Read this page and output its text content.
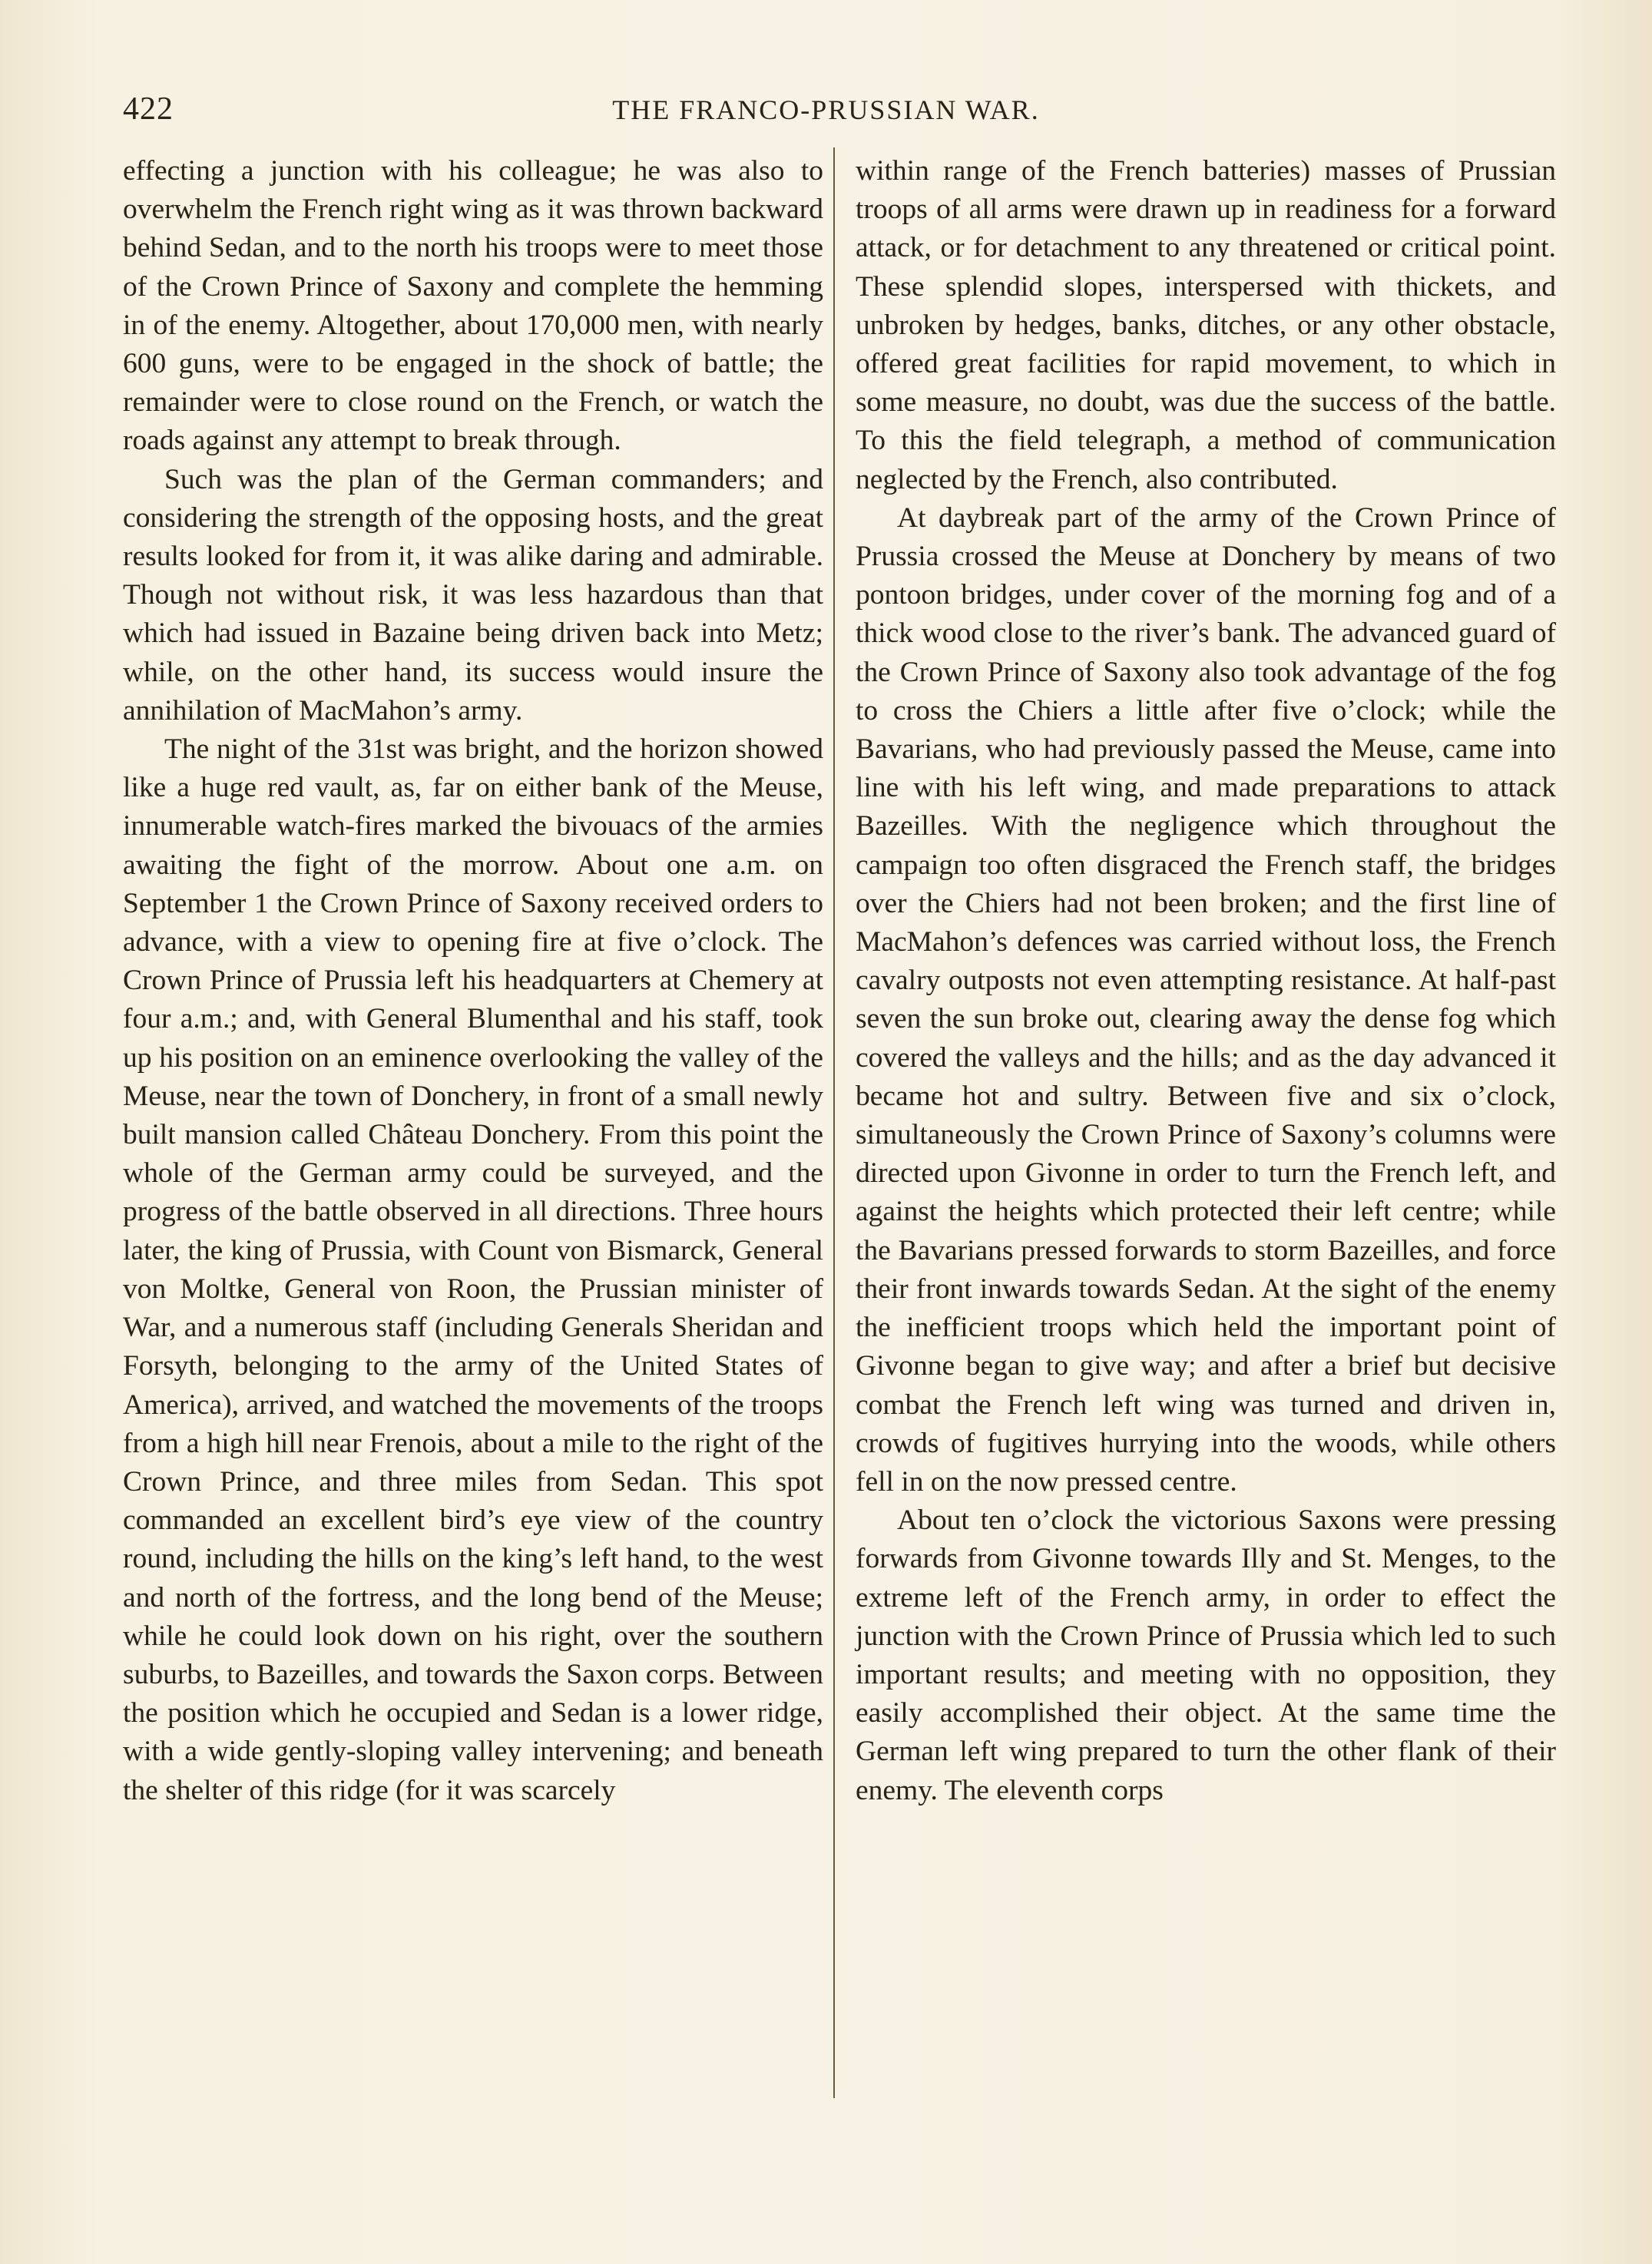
422	THE FRANCO-PRUSSIAN WAR.

effecting a junction with his colleague; he was also to overwhelm the French right wing as it was thrown backward behind Sedan, and to the north his troops were to meet those of the Crown Prince of Saxony and complete the hemming in of the enemy. Altogether, about 170,000 men, with nearly 600 guns, were to be engaged in the shock of battle; the remainder were to close round on the French, or watch the roads against any attempt to break through.

Such was the plan of the German commanders; and considering the strength of the opposing hosts, and the great results looked for from it, it was alike daring and admirable. Though not without risk, it was less hazardous than that which had issued in Bazaine being driven back into Metz; while, on the other hand, its success would insure the annihilation of MacMahon’s army.

The night of the 31st was bright, and the horizon showed like a huge red vault, as, far on either bank of the Meuse, innumerable watch-fires marked the bivouacs of the armies awaiting the fight of the morrow. About one a.m. on September 1 the Crown Prince of Saxony received orders to advance, with a view to opening fire at five o’clock. The Crown Prince of Prussia left his headquarters at Chemery at four a.m.; and, with General Blumenthal and his staff, took up his position on an eminence overlooking the valley of the Meuse, near the town of Donchery, in front of a small newly built mansion called Château Donchery. From this point the whole of the German army could be surveyed, and the progress of the battle observed in all directions. Three hours later, the king of Prussia, with Count von Bismarck, General von Moltke, General von Roon, the Prussian minister of War, and a numerous staff (including Generals Sheridan and Forsyth, belonging to the army of the United States of America), arrived, and watched the movements of the troops from a high hill near Frenois, about a mile to the right of the Crown Prince, and three miles from Sedan. This spot commanded an excellent bird’s eye view of the country round, including the hills on the king’s left hand, to the west and north of the fortress, and the long bend of the Meuse; while he could look down on his right, over the southern suburbs, to Bazeilles, and towards the Saxon corps. Between the position which he occupied and Sedan is a lower ridge, with a wide gently-sloping valley intervening; and beneath the shelter of this ridge (for it was scarcely

within range of the French batteries) masses of Prussian troops of all arms were drawn up in readiness for a forward attack, or for detachment to any threatened or critical point. These splendid slopes, interspersed with thickets, and unbroken by hedges, banks, ditches, or any other obstacle, offered great facilities for rapid movement, to which in some measure, no doubt, was due the success of the battle. To this the field telegraph, a method of communication neglected by the French, also contributed.

At daybreak part of the army of the Crown Prince of Prussia crossed the Meuse at Donchery by means of two pontoon bridges, under cover of the morning fog and of a thick wood close to the river’s bank. The advanced guard of the Crown Prince of Saxony also took advantage of the fog to cross the Chiers a little after five o’clock; while the Bavarians, who had previously passed the Meuse, came into line with his left wing, and made preparations to attack Bazeilles. With the negligence which throughout the campaign too often disgraced the French staff, the bridges over the Chiers had not been broken; and the first line of MacMahon’s defences was carried without loss, the French cavalry outposts not even attempting resistance. At half-past seven the sun broke out, clearing away the dense fog which covered the valleys and the hills; and as the day advanced it became hot and sultry. Between five and six o’clock, simultaneously the Crown Prince of Saxony’s columns were directed upon Givonne in order to turn the French left, and against the heights which protected their left centre; while the Bavarians pressed forwards to storm Bazeilles, and force their front inwards towards Sedan. At the sight of the enemy the inefficient troops which held the important point of Givonne began to give way; and after a brief but decisive combat the French left wing was turned and driven in, crowds of fugitives hurrying into the woods, while others fell in on the now pressed centre.

About ten o’clock the victorious Saxons were pressing forwards from Givonne towards Illy and St. Menges, to the extreme left of the French army, in order to effect the junction with the Crown Prince of Prussia which led to such important results; and meeting with no opposition, they easily accomplished their object. At the same time the German left wing prepared to turn the other flank of their enemy. The eleventh corps
